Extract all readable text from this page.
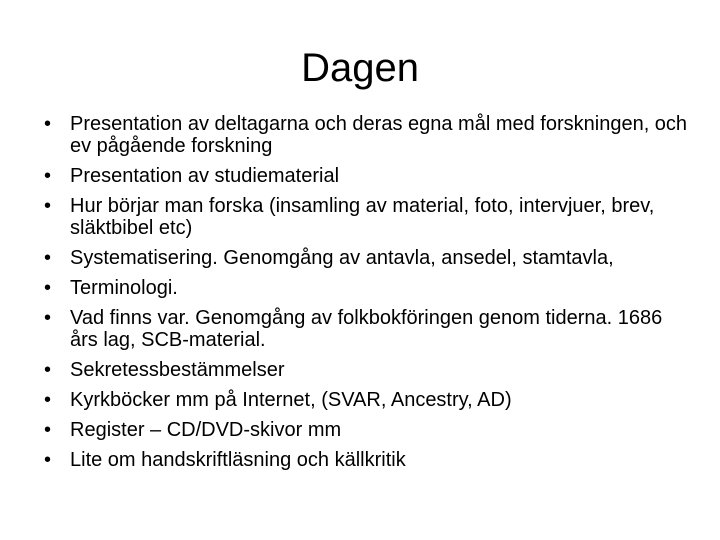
Dagen
• Presentation av deltagarna och deras egna mål med forskningen, och ev pågående forskning
• Presentation av studiematerial
• Hur börjar man forska (insamling av material, foto, intervjuer, brev, släktbibel etc)
• Systematisering. Genomgång av antavla, ansedel, stamtavla,
• Terminologi.
• Vad finns var. Genomgång av folkbokföringen genom tiderna. 1686 års lag, SCB-material.
• Sekretessbestämmelser
• Kyrkböcker mm på Internet, (SVAR, Ancestry, AD)
• Register – CD/DVD-skivor mm
• Lite om handskriftläsning och källkritik
